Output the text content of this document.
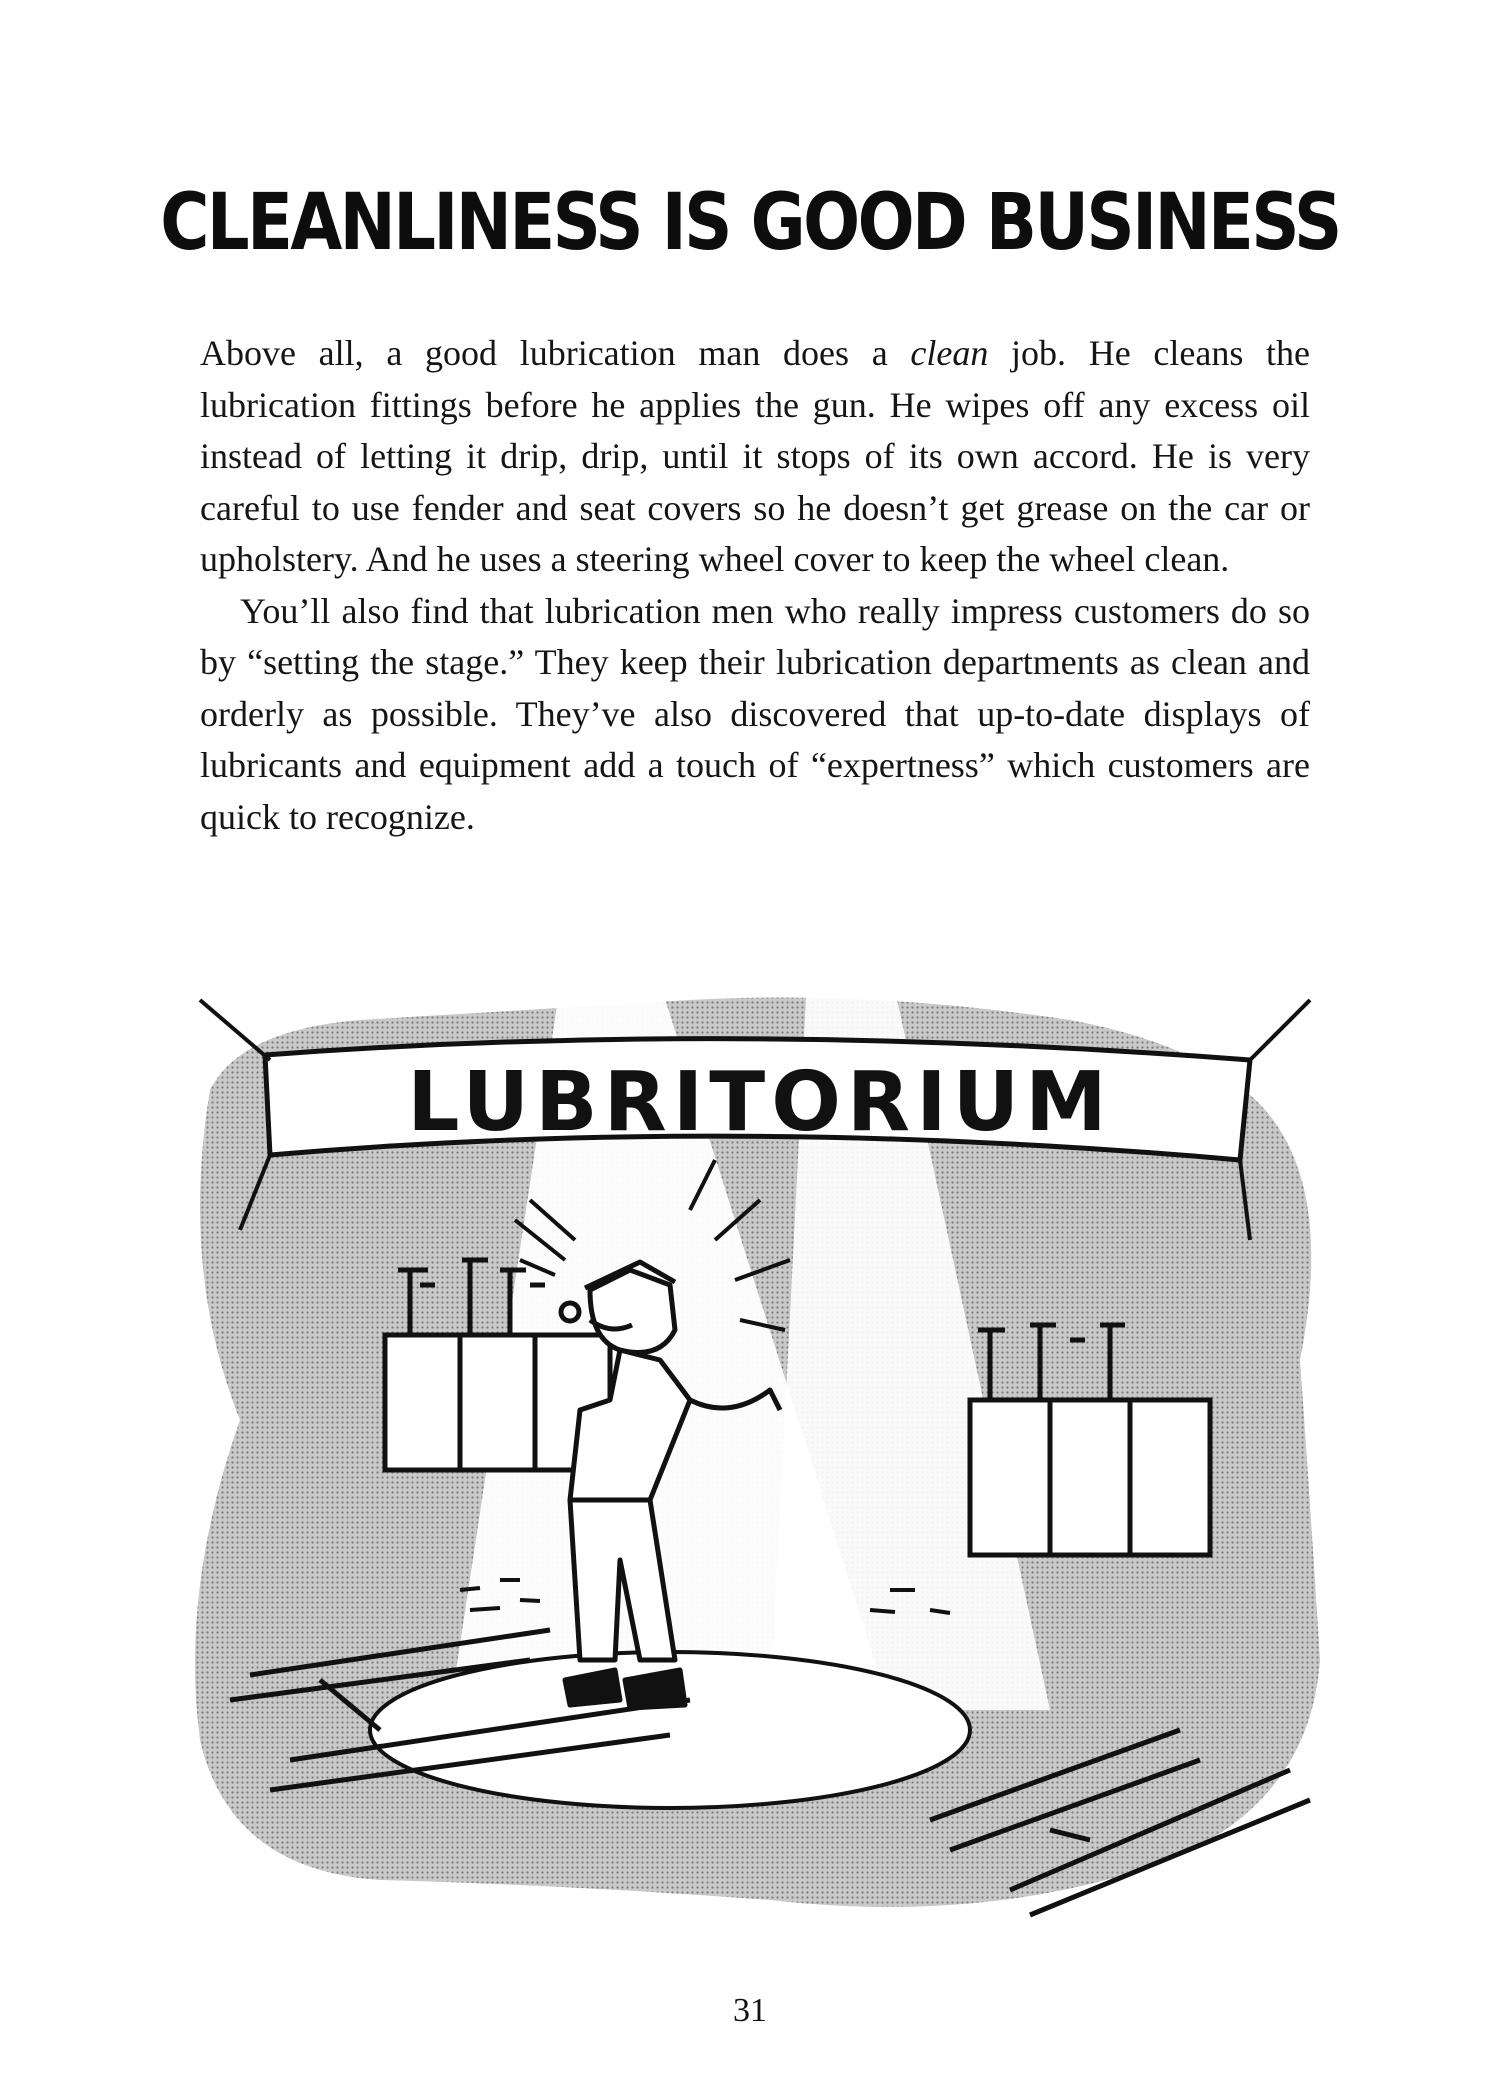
CLEANLINESS IS GOOD BUSINESS

Above all, a good lubrication man does a clean job. He cleans the lubrication fittings before he applies the gun. He wipes off any excess oil instead of letting it drip, drip, until it stops of its own accord. He is very careful to use fender and seat covers so he doesn’t get grease on the car or upholstery. And he uses a steering wheel cover to keep the wheel clean.

You’ll also find that lubrication men who really impress customers do so by “setting the stage.” They keep their lubrication departments as clean and orderly as possible. They’ve also discovered that up-to-date displays of lubricants and equipment add a touch of “expertness” which customers are quick to recognize.

LUBRITORIUM
31
